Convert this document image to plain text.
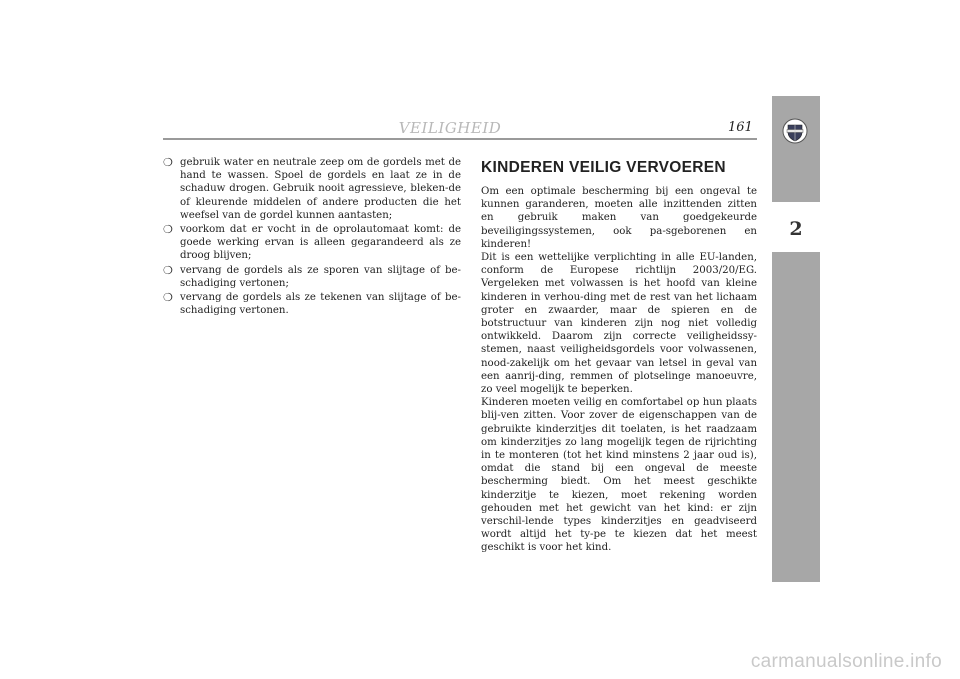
VEILIGHEID	161
2
❍ gebruik water en neutrale zeep om de gordels met de hand te wassen. Spoel de gordels en laat ze in de schaduw drogen. Gebruik nooit agressieve, bleken-de of kleurende middelen of andere producten die het weefsel van de gordel kunnen aantasten;
❍ voorkom dat er vocht in de oprolautomaat komt: de goede werking ervan is alleen gegarandeerd als ze droog blijven;
❍ vervang de gordels als ze sporen van slijtage of be-schadiging vertonen;
❍ vervang de gordels als ze tekenen van slijtage of be-schadiging vertonen.
KINDEREN VEILIG VERVOEREN

Om een optimale bescherming bij een ongeval te kunnen garanderen, moeten alle inzittenden zitten en gebruik maken van goedgekeurde beveiligingssystemen, ook pa-sgeborenen en kinderen!

Dit is een wettelijke verplichting in alle EU-landen, conform de Europese richtlijn 2003/20/EG. Vergeleken met volwassen is het hoofd van kleine kinderen in verhou-ding met de rest van het lichaam groter en zwaarder, maar de spieren en de botstructuur van kinderen zijn nog niet volledig ontwikkeld. Daarom zijn correcte veiligheidssy-stemen, naast veiligheidsgordels voor volwassenen, nood-zakelijk om het gevaar van letsel in geval van een aanrij-ding, remmen of plotselinge manoeuvre, zo veel mogelijk te beperken.

Kinderen moeten veilig en comfortabel op hun plaats blij-ven zitten. Voor zover de eigenschappen van de gebruikte kinderzitjes dit toelaten, is het raadzaam om kinderzitjes zo lang mogelijk tegen de rijrichting in te monteren (tot het kind minstens 2 jaar oud is), omdat die stand bij een ongeval de meeste bescherming biedt. Om het meest geschikte kinderzitje te kiezen, moet rekening worden gehouden met het gewicht van het kind: er zijn verschil-lende types kinderzitjes en geadviseerd wordt altijd het ty-pe te kiezen dat het meest geschikt is voor het kind.

carmanualsonline.info
